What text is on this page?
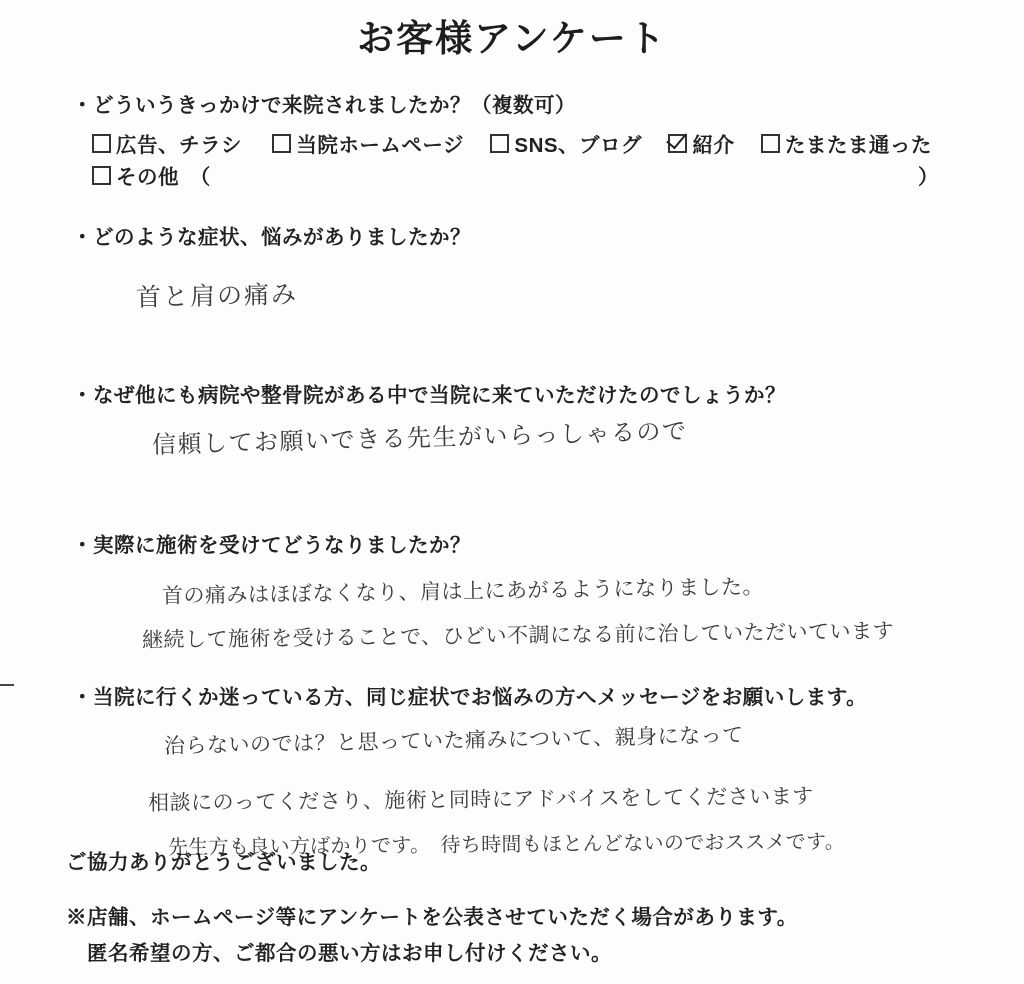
お客様アンケート
・どういうきっかけで来院されましたか？（複数可）
広告、チラシ	当院ホームページ SNS、ブログ 紹介 たまたま通った
その他　（	）
・どのような症状、悩みがありましたか？
首と肩の痛み
・なぜ他にも病院や整骨院がある中で当院に来ていただけたのでしょうか？
信頼してお願いできる先生がいらっしゃるので
・実際に施術を受けてどうなりましたか？
首の痛みはほぼなくなり、肩は上にあがるようになりました。
継続して施術を受けることで、ひどい不調になる前に治していただいています
・当院に行くか迷っている方、同じ症状でお悩みの方へメッセージをお願いします。
治らないのでは？と思っていた痛みについて、親身になって
相談にのってくださり、施術と同時にアドバイスをしてくださいます
先生方も良い方ばかりです。　待ち時間もほとんどないのでおススメです。
ご協力ありがとうございました。
※店舗、ホームページ等にアンケートを公表させていただく場合があります。
　匿名希望の方、ご都合の悪い方はお申し付けください。
